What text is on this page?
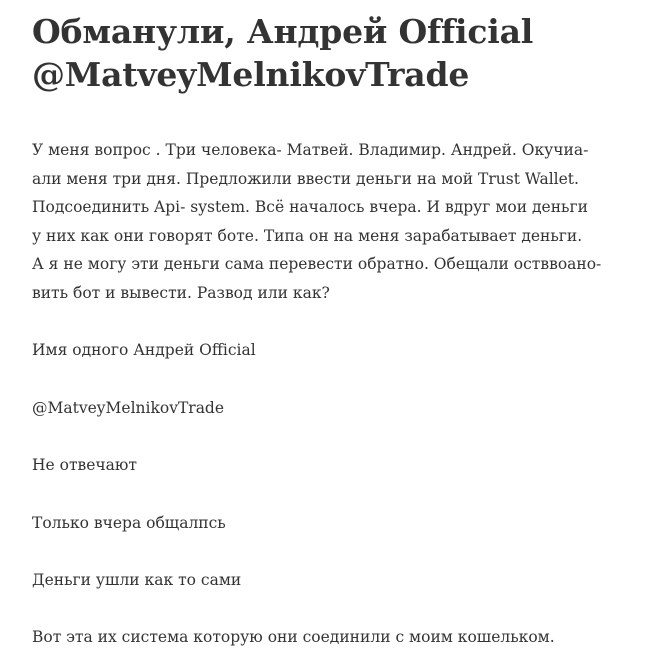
Обманули, Андрей Official
@MatveyMelnikovTrade

У меня вопрос . Три человека- Матвей. Владимир. Андрей. Окучиа-
али меня три дня. Предложили ввести деньги на мой Trust Wallet.
Подсоединить Api- system. Всё началось вчера. И вдруг мои деньги
у них как они говорят боте. Типа он на меня зарабатывает деньги.
А я не могу эти деньги сама перевести обратно. Обещали остввоано-
вить бот и вывести. Развод или как?

Имя одного Андрей Official

@MatveyMelnikovTrade

Не отвечают

Только вчера общалпсь

Деньги ушли как то сами

Вот эта их система которую они соединили с моим кошельком.
